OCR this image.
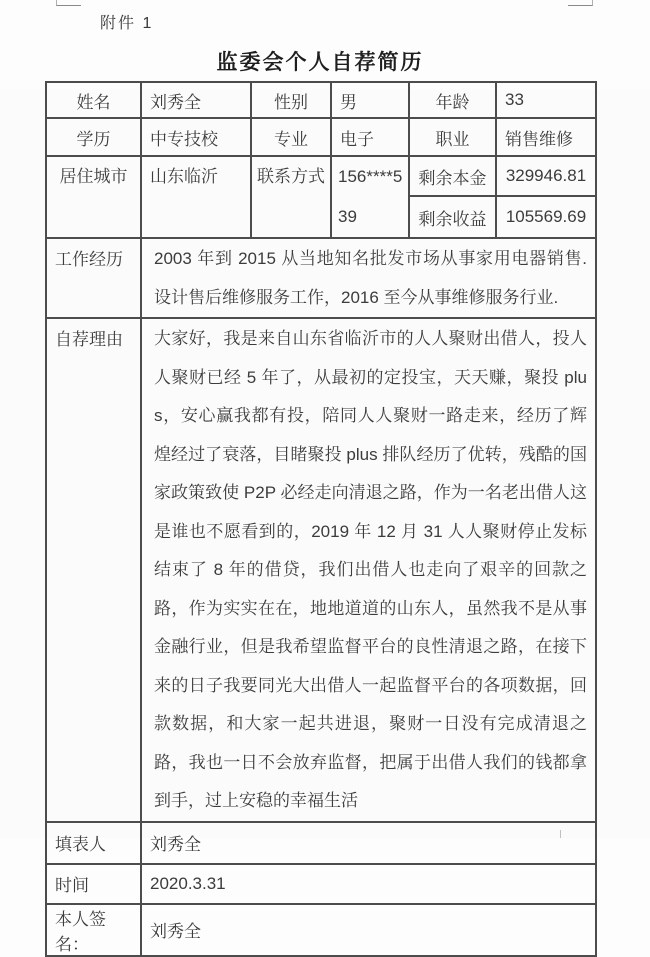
附件 1
监委会个人自荐简历
姓名	刘秀全	性别	男	年龄	33
学历	中专技校	专业	电子	职业	销售维修
居住城市	山东临沂	联系方式	156****539	剩余本金	329946.81
				剩余收益	105569.69
工作经历	2003 年到 2015 从当地知名批发市场从事家用电器销售.设计售后维修服务工作，2016 至今从事维修服务行业.				
自荐理由	大家好，我是来自山东省临沂市的人人聚财出借人，投人人聚财已经 5 年了，从最初的定投宝，天天赚，聚投 plus，安心赢我都有投，陪同人人聚财一路走来，经历了辉煌经过了衰落，目睹聚投 plus 排队经历了优转，残酷的国家政策致使 P2P 必经走向清退之路，作为一名老出借人这是谁也不愿看到的，2019 年 12 月 31 人人聚财停止发标结束了 8 年的借贷，我们出借人也走向了艰辛的回款之路，作为实实在在，地地道道的山东人，虽然我不是从事金融行业，但是我希望监督平台的良性清退之路，在接下来的日子我要同光大出借人一起监督平台的各项数据，回款数据，和大家一起共进退，聚财一日没有完成清退之路，我也一日不会放弃监督，把属于出借人我们的钱都拿到手，过上安稳的幸福生活				
填表人	刘秀全				
时间	2020.3.31				
本人签名：	刘秀全				
